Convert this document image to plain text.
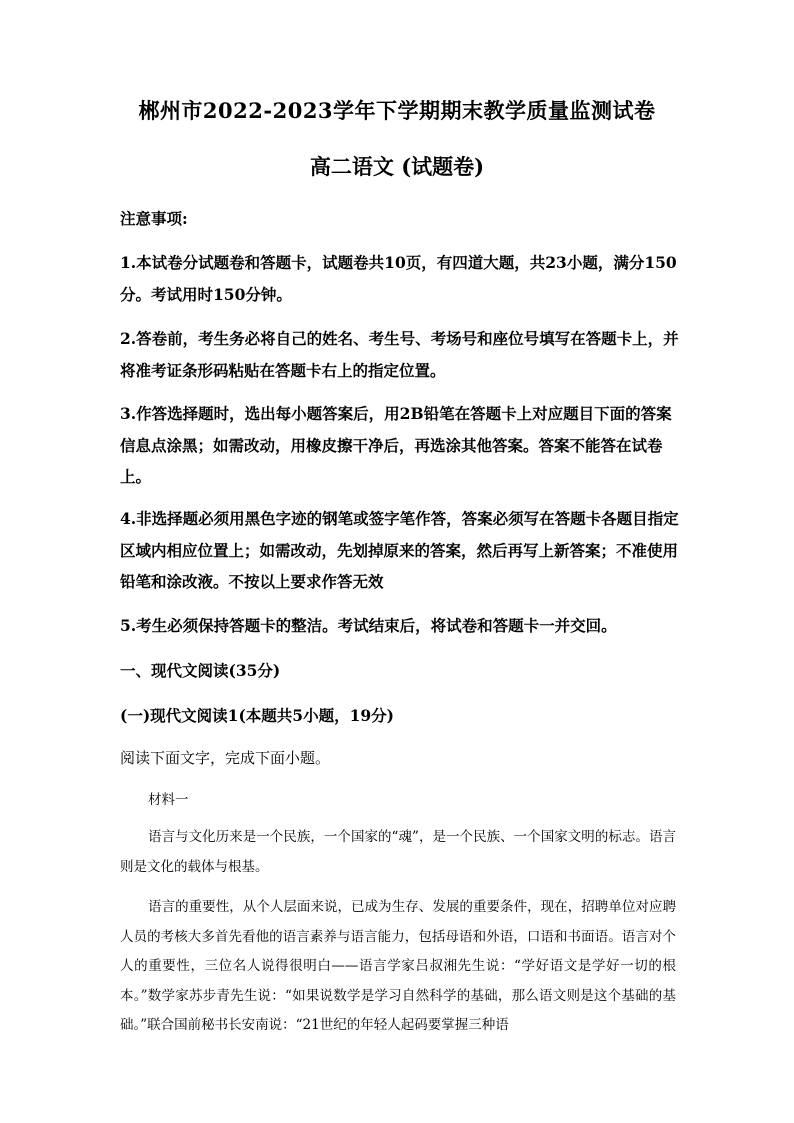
郴州市2022-2023学年下学期期末教学质量监测试卷
高二语文 (试题卷)
注意事项:
1.本试卷分试题卷和答题卡，试题卷共10页，有四道大题，共23小题，满分150分。考试用时150分钟。
2.答卷前，考生务必将自己的姓名、考生号、考场号和座位号填写在答题卡上，并将准考证条形码粘贴在答题卡右上的指定位置。
3.作答选择题时，选出每小题答案后，用2B铅笔在答题卡上对应题目下面的答案信息点涂黑；如需改动，用橡皮擦干净后，再选涂其他答案。答案不能答在试卷上。
4.非选择题必须用黑色字迹的钢笔或签字笔作答，答案必须写在答题卡各题目指定区域内相应位置上；如需改动，先划掉原来的答案，然后再写上新答案；不准使用铅笔和涂改液。不按以上要求作答无效
5.考生必须保持答题卡的整洁。考试结束后，将试卷和答题卡一并交回。
一、现代文阅读(35分)
(一)现代文阅读1(本题共5小题，19分)
阅读下面文字，完成下面小题。
材料一
语言与文化历来是一个民族，一个国家的“魂”，是一个民族、一个国家文明的标志。语言则是文化的载体与根基。
语言的重要性，从个人层面来说，已成为生存、发展的重要条件，现在，招聘单位对应聘人员的考核大多首先看他的语言素养与语言能力，包括母语和外语，口语和书面语。语言对个人的重要性，三位名人说得很明白——语言学家吕叔湘先生说：“学好语文是学好一切的根本。”数学家苏步青先生说：“如果说数学是学习自然科学的基础，那么语文则是这个基础的基础。”联合国前秘书长安南说：“21世纪的年轻人起码要掌握三种语
